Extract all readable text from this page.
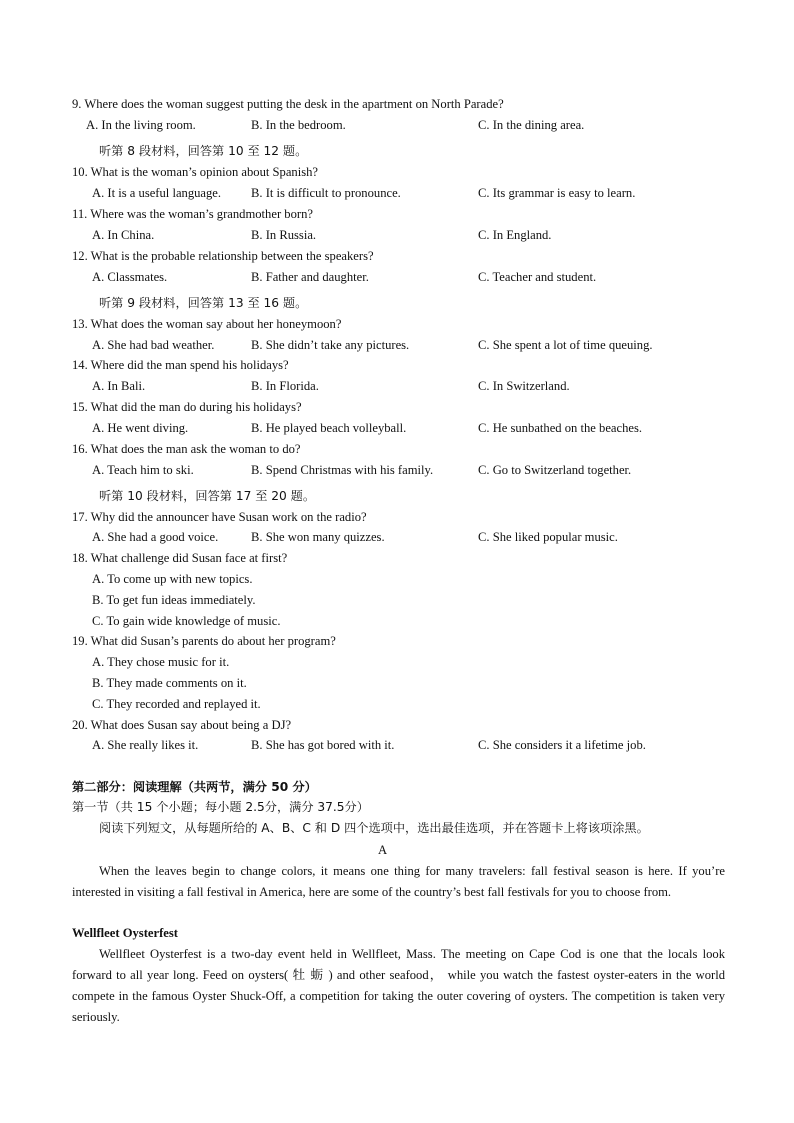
9. Where does the woman suggest putting the desk in the apartment on North Parade?
A. In the living room.	B. In the bedroom.	C. In the dining area.
听第 8 段材料，回答第 10 至 12 题。
10. What is the woman’s opinion about Spanish?
A. It is a useful language. B. It is difficult to pronounce.	C. Its grammar is easy to learn.
11. Where was the woman’s grandmother born?
A. In China.	B. In Russia.	C. In England.
12. What is the probable relationship between the speakers?
A. Classmates.	B. Father and daughter.	C. Teacher and student.
听第 9 段材料，回答第 13 至 16 题。
13. What does the woman say about her honeymoon?
A. She had bad weather.	B. She didn’t take any pictures.	C. She spent a lot of time queuing.
14. Where did the man spend his holidays?
A. In Bali.	B. In Florida.	C. In Switzerland.
15. What did the man do during his holidays?
A. He went diving.	B. He played beach volleyball.	C. He sunbathed on the beaches.
16. What does the man ask the woman to do?
A. Teach him to ski.	B. Spend Christmas with his family.	C. Go to Switzerland together.
听第 10 段材料，回答第 17 至 20 题。
17. Why did the announcer have Susan work on the radio?
A. She had a good voice.	B. She won many quizzes.	C. She liked popular music.
18. What challenge did Susan face at first?
A. To come up with new topics.
B. To get fun ideas immediately.
C. To gain wide knowledge of music.
19. What did Susan’s parents do about her program?
A. They chose music for it.
B. They made comments on it.
C. They recorded and replayed it.
20. What does Susan say about being a DJ?
A. She really likes it.	B. She has got bored with it.	C. She considers it a lifetime job.
第二部分：阅读理解（共两节，满分 50 分）
第一节（共 15 个小题；每小题 2.5分，满分 37.5分）
阅读下列短文，从每题所给的 A、B、C 和 D 四个选项中，选出最佳选项，并在答题卡上将该项涂黑。
A
When the leaves begin to change colors, it means one thing for many travelers: fall festival season is here. If you’re interested in visiting a fall festival in America, here are some of the country’s best fall festivals for you to choose from.
Wellfleet Oysterfest
Wellfleet Oysterfest is a two-day event held in Wellfleet, Mass. The meeting on Cape Cod is one that the locals look forward to all year long. Feed on oysters( 牡 蛎 ) and other seafood， while you watch the fastest oyster-eaters in the world compete in the famous Oyster Shuck-Off, a competition for taking the outer covering of oysters. The competition is taken very seriously.
